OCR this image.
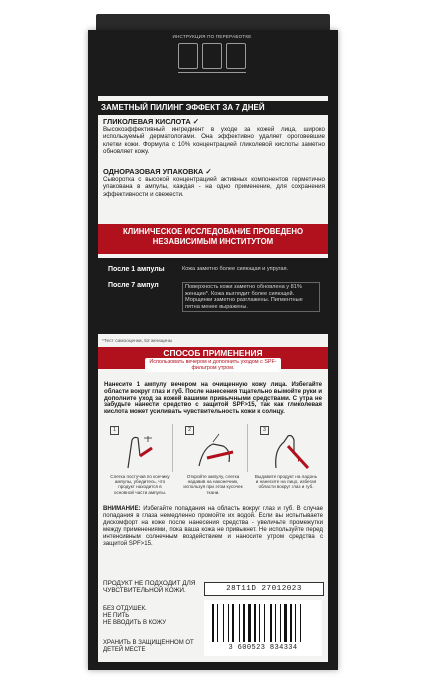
ИНСТРУКЦИЯ ПО ПЕРЕРАБОТКЕ
ЗАМЕТНЫЙ ПИЛИНГ ЭФФЕКТ ЗА 7 ДНЕЙ
ГЛИКОЛЕВАЯ КИСЛОТА ✓
Высокоэффективный ингредиент в уходе за кожей лица, широко используемый дерматологами. Она эффективно удаляет ороговевшие клетки кожи. Формула с 10% концентрацией гликолевой кислоты заметно обновляет кожу.
ОДНОРАЗОВАЯ УПАКОВКА ✓
Сыворотка с высокой концентрацией активных компонентов герметично упакована в ампулы, каждая - на одно применение, для сохранения эффективности и свежести.
КЛИНИЧЕСКОЕ ИССЛЕДОВАНИЕ ПРОВЕДЕНО
НЕЗАВИСИМЫМ ИНСТИТУТОМ
После 1 ампулы	Кожа заметно более сияющая и упругая.
После 7 ампул	Поверхность кожи заметно обновлена у 81% женщин*. Кожа выглядит более сияющей. Морщинки заметно разглажены. Пигментные пятна менее выражены.
*Тест самооценки, 52 женщины
СПОСОБ ПРИМЕНЕНИЯ
Использовать вечером и дополнить уходом с SPF-фильтром утром.
Нанесите 1 ампулу вечером на очищенную кожу лица. Избегайте области вокруг глаз и губ. После нанесения тщательно вымойте руки и дополните уход за кожей вашими привычными средствами. С утра не забудьте нанести средство с защитой SPF>15, так как гликолевая кислота может усиливать чувствительность кожи к солнцу.
1	2	3
Слегка постучав по кончику ампулы, убедитесь, что продукт находится в основной части ампулы.
Откройте ампулу, слегка надавив на наконечник, используя при этом кусочек ткани.
Выдавите продукт на ладонь и нанесите на лицо, избегая области вокруг глаз и губ.
ВНИМАНИЕ: Избегайте попадания на область вокруг глаз и губ. В случае попадания в глаза немедленно промойте их водой. Если вы испытываете дискомфорт на коже после нанесения средства - увеличьте промежутки между применениями, пока ваша кожа не привыкнет. Не используйте перед интенсивным солнечным воздействием и наносите утром средства с защитой SPF>15.
ПРОДУКТ НЕ ПОДХОДИТ ДЛЯ ЧУВСТВИТЕЛЬНОЙ КОЖИ.
БЕЗ ОТДУШЕК.
НЕ ПИТЬ
НЕ ВВОДИТЬ В КОЖУ
ХРАНИТЬ В ЗАЩИЩЕННОМ ОТ ДЕТЕЙ МЕСТЕ
28T11D 27012023
3 600523 834334
